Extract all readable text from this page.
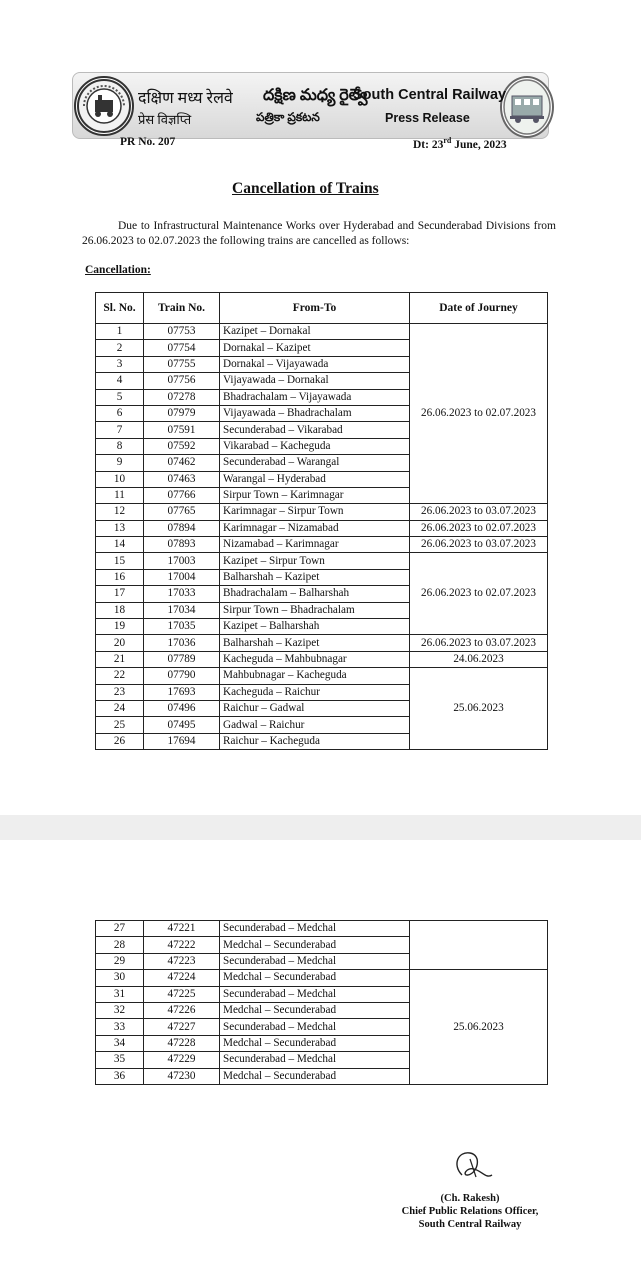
दक्षिण मध्य रेलवे దక్షిణ మధ్య రైల్వే
South Central Railway
प्रेस विज्ञप्ति	పత్రికా ప్రకటన	Press Release
PR No. 207	Dt: 23rd June, 2023
Cancellation of Trains
Due to Infrastructural Maintenance Works over Hyderabad and Secunderabad Divisions from 26.06.2023 to 02.07.2023 the following trains are cancelled as follows:
Cancellation:
Sl. No.	Train No.	From-To	Date of Journey
1	07753	Kazipet – Dornakal	26.06.2023 to 02.07.2023
2	07754	Dornakal – Kazipet	
3	07755	Dornakal – Vijayawada	
4	07756	Vijayawada – Dornakal	
5	07278	Bhadrachalam – Vijayawada	
6	07979	Vijayawada – Bhadrachalam	
7	07591	Secunderabad – Vikarabad	
8	07592	Vikarabad – Kacheguda	
9	07462	Secunderabad – Warangal	
10	07463	Warangal – Hyderabad	
11	07766	Sirpur Town – Karimnagar	
12	07765	Karimnagar – Sirpur Town	26.06.2023 to 03.07.2023
13	07894	Karimnagar – Nizamabad	26.06.2023 to 02.07.2023
14	07893	Nizamabad – Karimnagar	26.06.2023 to 03.07.2023
15	17003	Kazipet – Sirpur Town	26.06.2023 to 02.07.2023
16	17004	Balharshah – Kazipet	
17	17033	Bhadrachalam – Balharshah	
18	17034	Sirpur Town – Bhadrachalam	
19	17035	Kazipet – Balharshah	
20	17036	Balharshah – Kazipet	26.06.2023 to 03.07.2023
21	07789	Kacheguda – Mahbubnagar	24.06.2023
22	07790	Mahbubnagar – Kacheguda	25.06.2023
23	17693	Kacheguda – Raichur	
24	07496	Raichur – Gadwal	
25	07495	Gadwal – Raichur	
26	17694	Raichur – Kacheguda	
27	47221	Secunderabad – Medchal	
28	47222	Medchal – Secunderabad	
29	47223	Secunderabad – Medchal	
30	47224	Medchal – Secunderabad	25.06.2023
31	47225	Secunderabad – Medchal	
32	47226	Medchal – Secunderabad	
33	47227	Secunderabad – Medchal	
34	47228	Medchal – Secunderabad	
35	47229	Secunderabad – Medchal	
36	47230	Medchal – Secunderabad	
(Ch. Rakesh)
Chief Public Relations Officer,
South Central Railway
